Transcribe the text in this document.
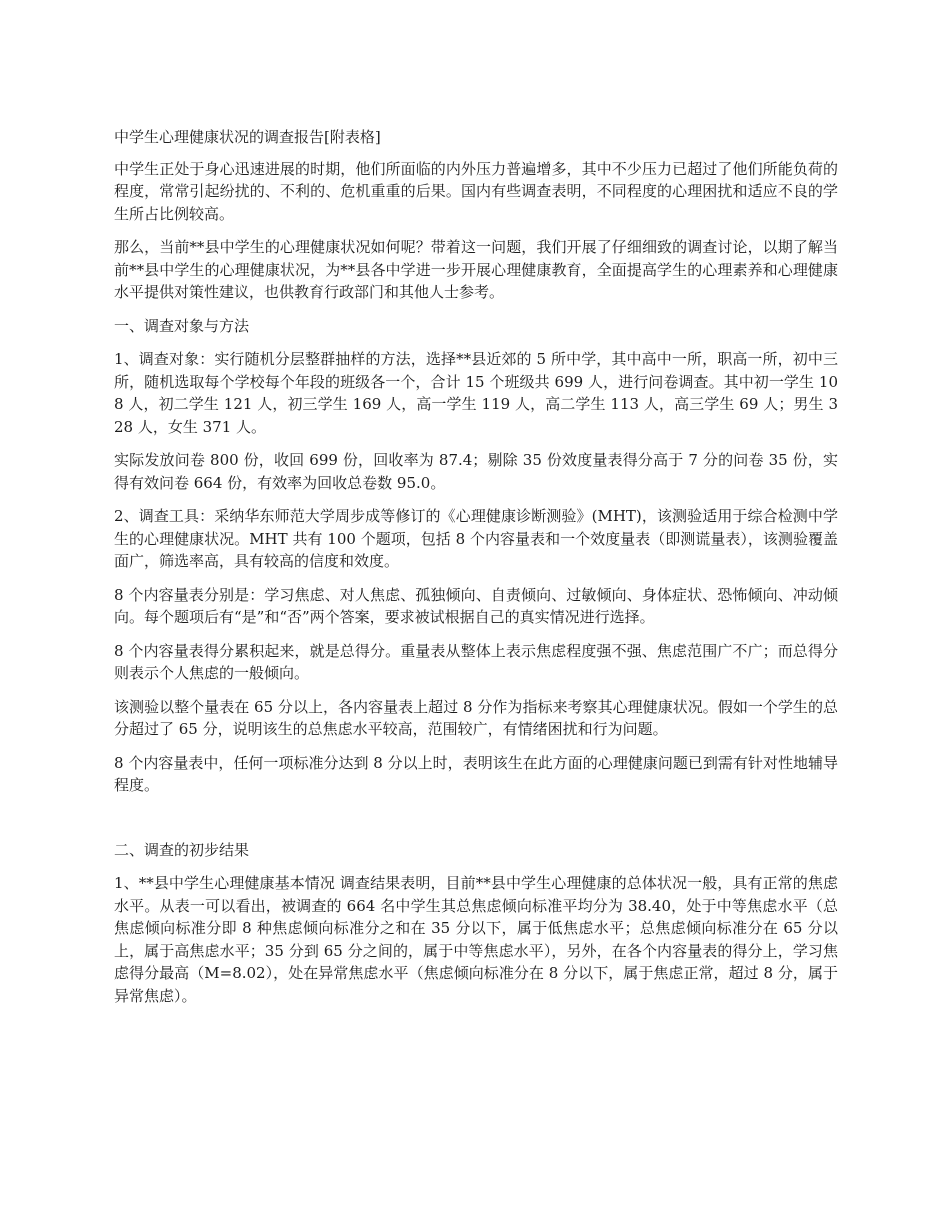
中学生心理健康状况的调查报告[附表格]

中学生正处于身心迅速进展的时期，他们所面临的内外压力普遍增多，其中不少压力已超过了他们所能负荷的程度，常常引起纷扰的、不利的、危机重重的后果。国内有些调查表明，不同程度的心理困扰和适应不良的学生所占比例较高。

那么，当前**县中学生的心理健康状况如何呢？带着这一问题，我们开展了仔细细致的调查讨论，以期了解当前**县中学生的心理健康状况，为**县各中学进一步开展心理健康教育，全面提高学生的心理素养和心理健康水平提供对策性建议，也供教育行政部门和其他人士参考。

一、调查对象与方法

1、调查对象：实行随机分层整群抽样的方法，选择**县近郊的 5 所中学，其中高中一所，职高一所，初中三所，随机选取每个学校每个年段的班级各一个，合计 15 个班级共 699 人，进行问卷调查。其中初一学生 108 人，初二学生 121 人，初三学生 169 人，高一学生 119 人，高二学生 113 人，高三学生 69 人；男生 328 人，女生 371 人。

实际发放问卷 800 份，收回 699 份，回收率为 87.4；剔除 35 份效度量表得分高于 7 分的问卷 35 份，实得有效问卷 664 份，有效率为回收总卷数 95.0。

2、调查工具：采纳华东师范大学周步成等修订的《心理健康诊断测验》(MHT)，该测验适用于综合检测中学生的心理健康状况。MHT 共有 100 个题项，包括 8 个内容量表和一个效度量表（即测谎量表），该测验覆盖面广，筛选率高，具有较高的信度和效度。

8 个内容量表分别是：学习焦虑、对人焦虑、孤独倾向、自责倾向、过敏倾向、身体症状、恐怖倾向、冲动倾向。每个题项后有“是”和“否”两个答案，要求被试根据自己的真实情况进行选择。

8 个内容量表得分累积起来，就是总得分。重量表从整体上表示焦虑程度强不强、焦虑范围广不广；而总得分则表示个人焦虑的一般倾向。

该测验以整个量表在 65 分以上，各内容量表上超过 8 分作为指标来考察其心理健康状况。假如一个学生的总分超过了 65 分，说明该生的总焦虑水平较高，范围较广，有情绪困扰和行为问题。

8 个内容量表中，任何一项标准分达到 8 分以上时，表明该生在此方面的心理健康问题已到需有针对性地辅导程度。

二、调查的初步结果

1、**县中学生心理健康基本情况 调查结果表明，目前**县中学生心理健康的总体状况一般，具有正常的焦虑水平。从表一可以看出，被调查的 664 名中学生其总焦虑倾向标准平均分为 38.40，处于中等焦虑水平（总焦虑倾向标准分即 8 种焦虑倾向标准分之和在 35 分以下，属于低焦虑水平；总焦虑倾向标准分在 65 分以上，属于高焦虑水平；35 分到 65 分之间的，属于中等焦虑水平），另外，在各个内容量表的得分上，学习焦虑得分最高（M=8.02），处在异常焦虑水平（焦虑倾向标准分在 8 分以下，属于焦虑正常，超过 8 分，属于异常焦虑）。
